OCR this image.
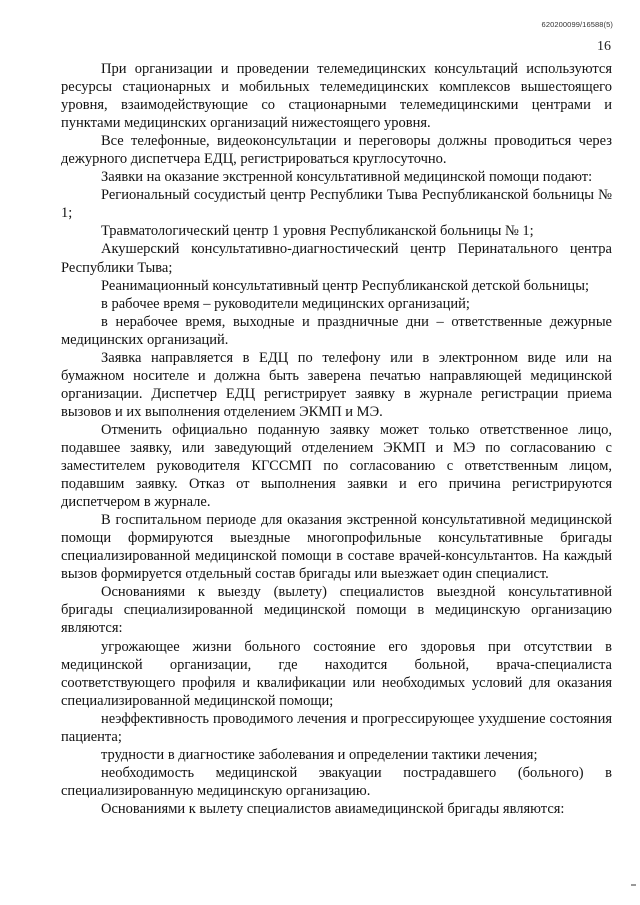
620200099/16588(5)
16

При организации и проведении телемедицинских консультаций используются ресурсы стационарных и мобильных телемедицинских комплексов вышестоящего уровня, взаимодействующие со стационарными телемедицинскими центрами и пунктами медицинских организаций нижестоящего уровня.

Все телефонные, видеоконсультации и переговоры должны проводиться через дежурного диспетчера ЕДЦ, регистрироваться круглосуточно.

Заявки на оказание экстренной консультативной медицинской помощи подают:

Региональный сосудистый центр Республики Тыва Республиканской больницы № 1;

Травматологический центр 1 уровня Республиканской больницы № 1;

Акушерский консультативно-диагностический центр Перинатального центра Республики Тыва;

Реанимационный консультативный центр Республиканской детской больницы;

в рабочее время – руководители медицинских организаций;

в нерабочее время, выходные и праздничные дни – ответственные дежурные медицинских организаций.

Заявка направляется в ЕДЦ по телефону или в электронном виде или на бумажном носителе и должна быть заверена печатью направляющей медицинской организации. Диспетчер ЕДЦ регистрирует заявку в журнале регистрации приема вызовов и их выполнения отделением ЭКМП и МЭ.

Отменить официально поданную заявку может только ответственное лицо, подавшее заявку, или заведующий отделением ЭКМП и МЭ по согласованию с заместителем руководителя КГССМП по согласованию с ответственным лицом, подавшим заявку. Отказ от выполнения заявки и его причина регистрируются диспетчером в журнале.

В госпитальном периоде для оказания экстренной консультативной медицинской помощи формируются выездные многопрофильные консультативные бригады специализированной медицинской помощи в составе врачей-консультантов. На каждый вызов формируется отдельный состав бригады или выезжает один специалист.

Основаниями к выезду (вылету) специалистов выездной консультативной бригады специализированной медицинской помощи в медицинскую организацию являются:

угрожающее жизни больного состояние его здоровья при отсутствии в медицинской организации, где находится больной, врача-специалиста соответствующего профиля и квалификации или необходимых условий для оказания специализированной медицинской помощи;

неэффективность проводимого лечения и прогрессирующее ухудшение состояния пациента;

трудности в диагностике заболевания и определении тактики лечения;

необходимость медицинской эвакуации пострадавшего (больного) в специализированную медицинскую организацию.

Основаниями к вылету специалистов авиамедицинской бригады являются:
